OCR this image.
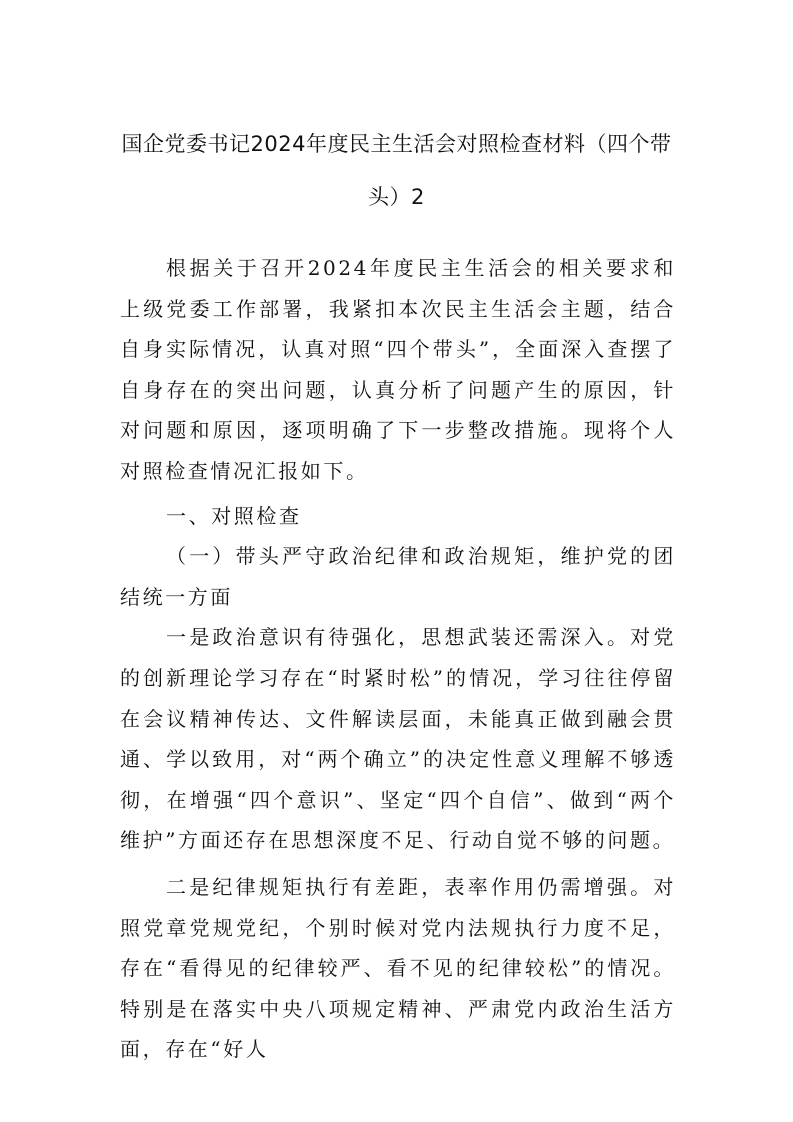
国企党委书记2024年度民主生活会对照检查材料（四个带
头）2

根据关于召开2024年度民主生活会的相关要求和上级党委工作部署，我紧扣本次民主生活会主题，结合自身实际情况，认真对照“四个带头”，全面深入查摆了自身存在的突出问题，认真分析了问题产生的原因，针对问题和原因，逐项明确了下一步整改措施。现将个人对照检查情况汇报如下。

一、对照检查

（一）带头严守政治纪律和政治规矩，维护党的团结统一方面

一是政治意识有待强化，思想武装还需深入。对党的创新理论学习存在“时紧时松”的情况，学习往往停留在会议精神传达、文件解读层面，未能真正做到融会贯通、学以致用，对“两个确立”的决定性意义理解不够透彻，在增强“四个意识”、坚定“四个自信”、做到“两个维护”方面还存在思想深度不足、行动自觉不够的问题。

二是纪律规矩执行有差距，表率作用仍需增强。对照党章党规党纪，个别时候对党内法规执行力度不足，存在“看得见的纪律较严、看不见的纪律较松”的情况。特别是在落实中央八项规定精神、严肃党内政治生活方面，存在“好人
